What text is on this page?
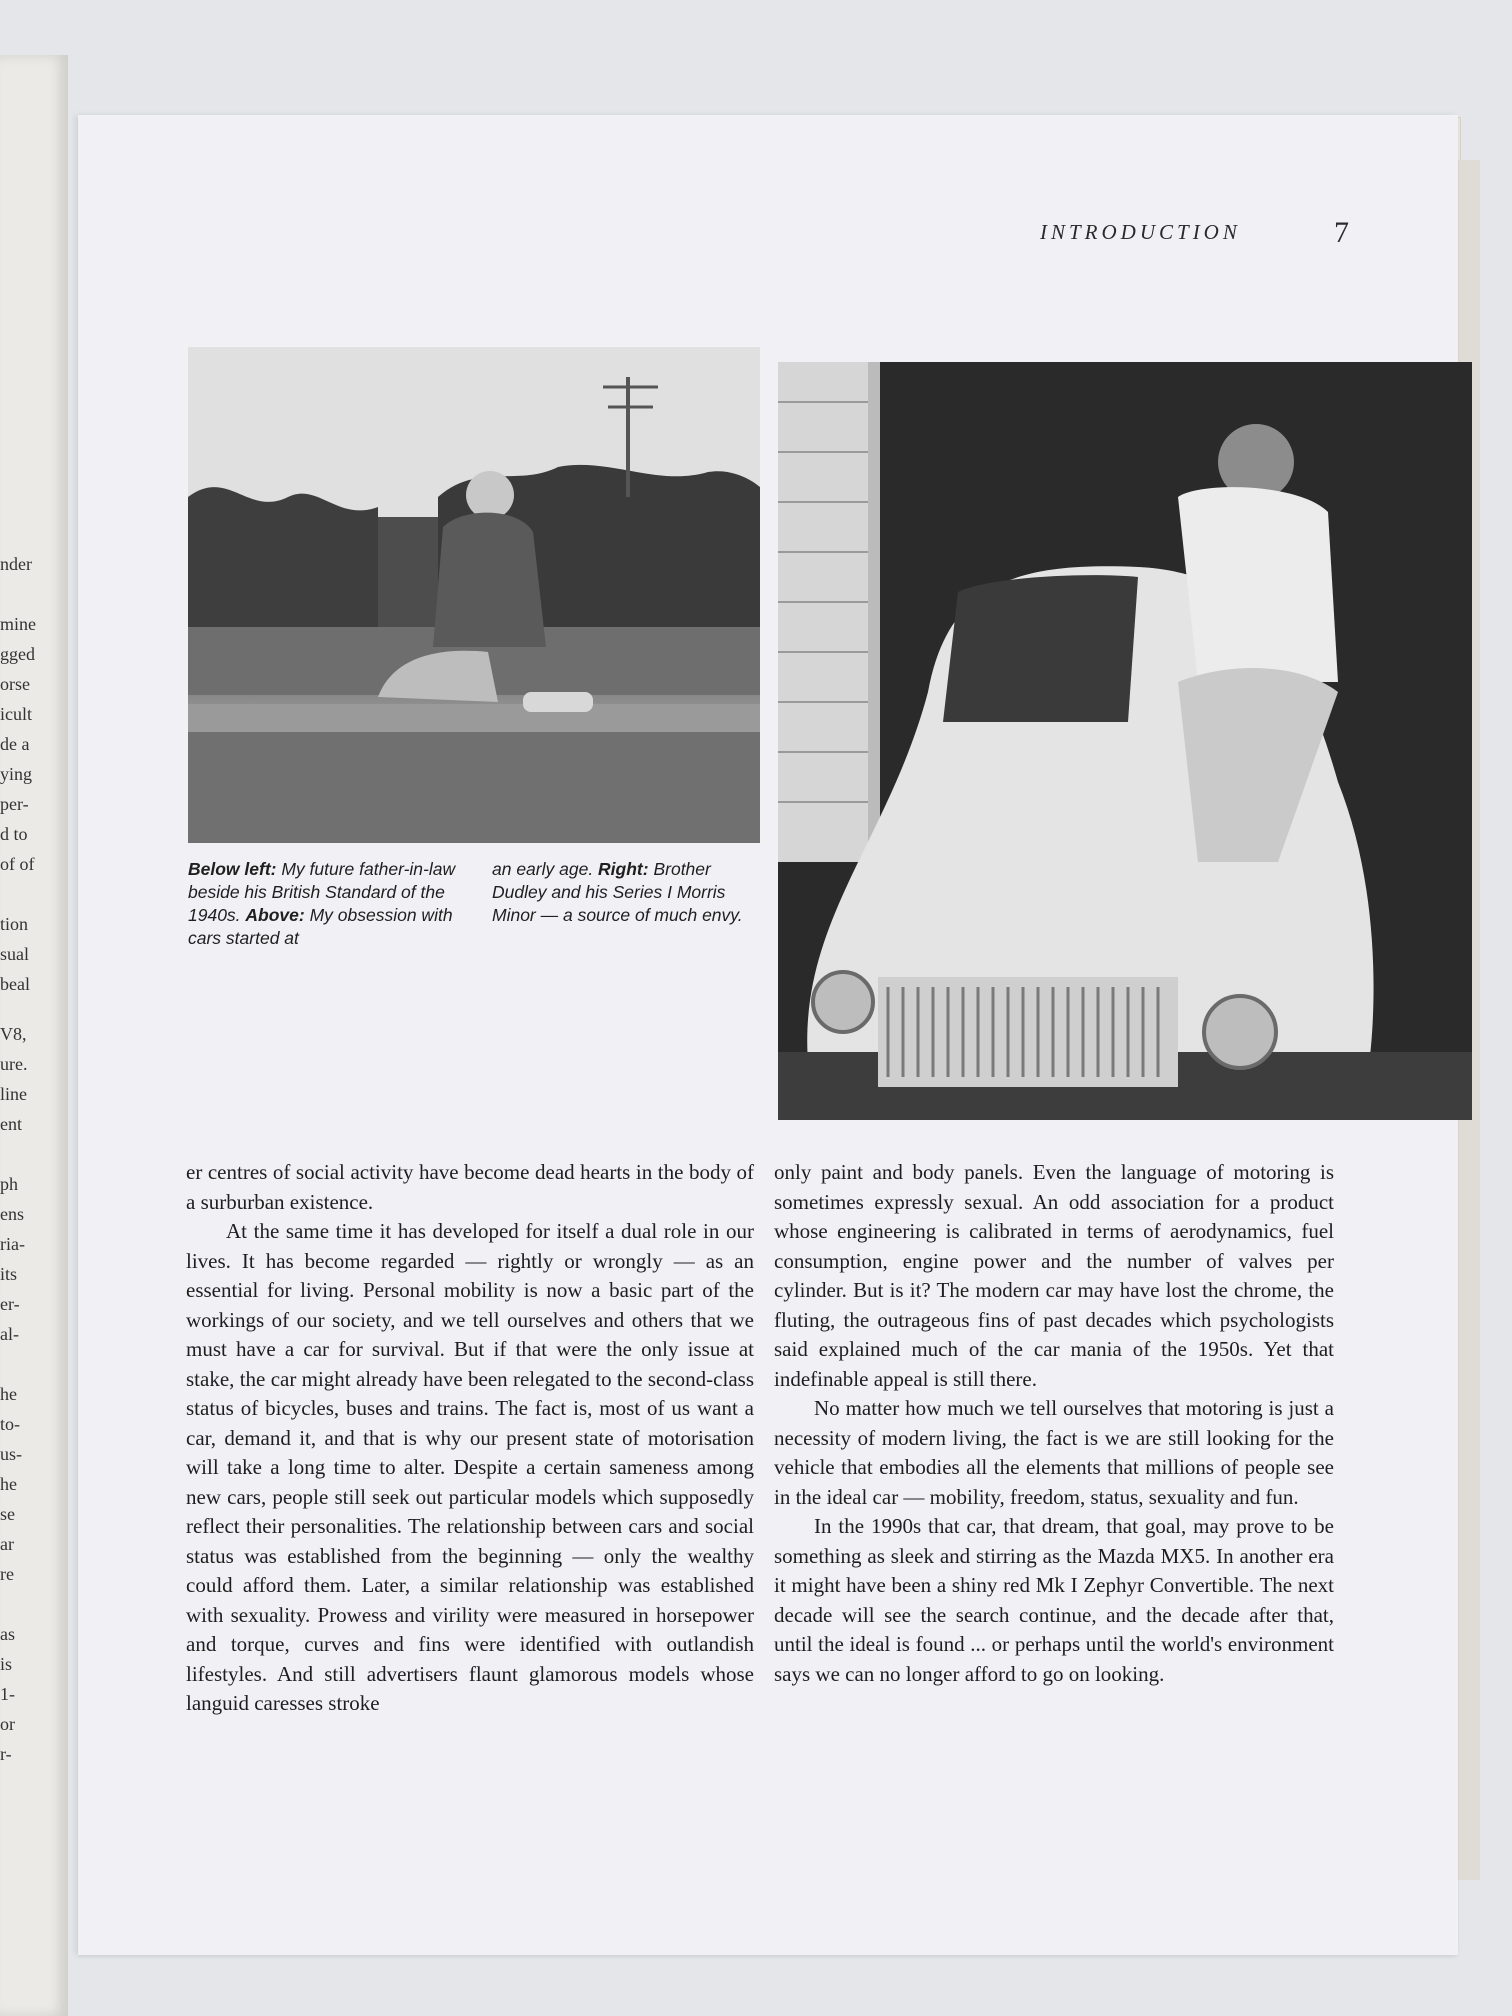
nder
mine
gged
orse
icult
de a
ying
per-
d to
of of
tion
sual
beal
V8,
ure.
line
ent
ph
ens
ria-
its
er-
al-
he
to-
us-
he
se
ar
re
as
is
1-
or
r-
INTRODUCTION	7
Below left: My future father-in-law beside his British Standard of the 1940s. Above: My obsession with cars started at
an early age. Right: Brother Dudley and his Series I Morris Minor — a source of much envy.

er centres of social activity have become dead hearts in the body of a surburban existence.

At the same time it has developed for itself a dual role in our lives. It has become regarded — rightly or wrongly — as an essential for living. Personal mobility is now a basic part of the workings of our society, and we tell ourselves and others that we must have a car for survival. But if that were the only issue at stake, the car might already have been relegated to the second-class status of bicycles, buses and trains. The fact is, most of us want a car, demand it, and that is why our present state of motorisation will take a long time to alter. Despite a certain sameness among new cars, people still seek out particular models which supposedly reflect their personalities. The relationship between cars and social status was established from the beginning — only the wealthy could afford them. Later, a similar relationship was established with sexuality. Prowess and virility were measured in horsepower and torque, curves and fins were identified with outlandish lifestyles. And still advertisers flaunt glamorous models whose languid caresses stroke

only paint and body panels. Even the language of motoring is sometimes expressly sexual. An odd association for a product whose engineering is calibrated in terms of aerodynamics, fuel consumption, engine power and the number of valves per cylinder. But is it? The modern car may have lost the chrome, the fluting, the outrageous fins of past decades which psychologists said explained much of the car mania of the 1950s. Yet that indefinable appeal is still there.

No matter how much we tell ourselves that motoring is just a necessity of modern living, the fact is we are still looking for the vehicle that embodies all the elements that millions of people see in the ideal car — mobility, freedom, status, sexuality and fun.

In the 1990s that car, that dream, that goal, may prove to be something as sleek and stirring as the Mazda MX5. In another era it might have been a shiny red Mk I Zephyr Convertible. The next decade will see the search continue, and the decade after that, until the ideal is found ... or perhaps until the world's environment says we can no longer afford to go on looking.
